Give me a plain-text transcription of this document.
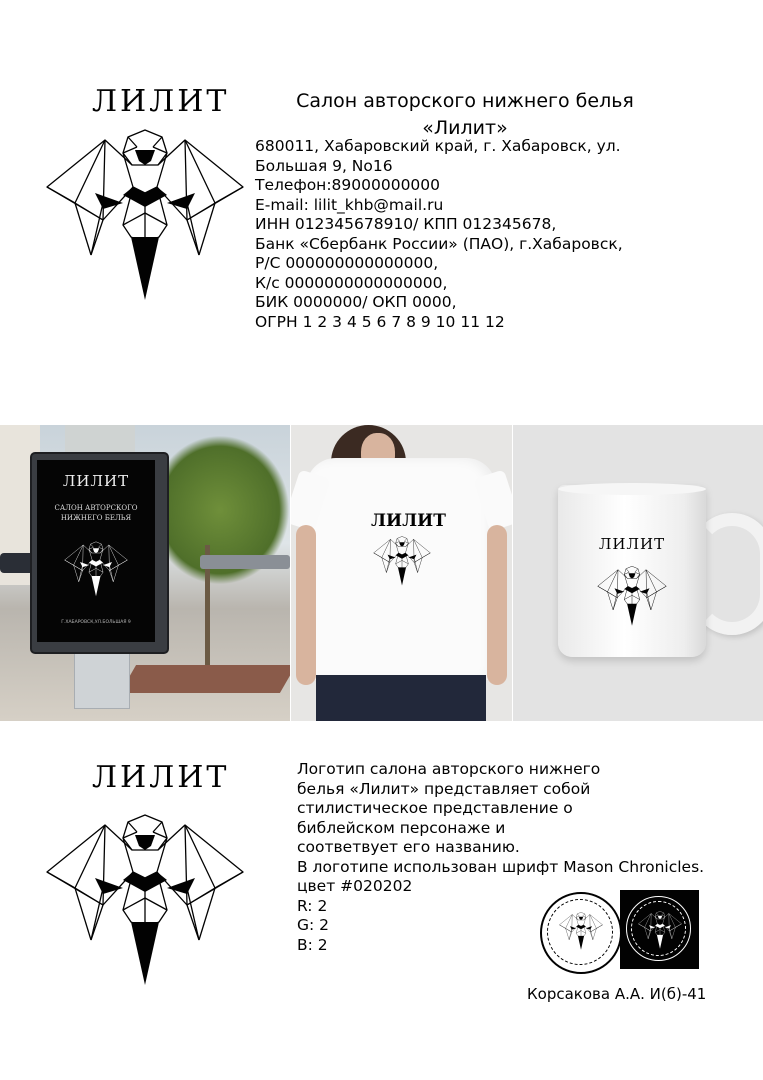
ЛИЛИТ	Салон авторского нижнего белья
«Лилит»
680011, Хабаровский край, г. Хабаровск, ул.
Большая 9, No16
Телефон:89000000000
E-mail: lilit_khb@mail.ru
ИНН 012345678910/ КПП 012345678,
Банк «Сбербанк России» (ПАО), г.Хабаровск,
Р/С 000000000000000,
К/с 0000000000000000,
БИК 0000000/ ОКП 0000,
ОГРН 1 2 3 4 5 6 7 8 9 10 11 12
ЛИЛИТ
САЛОН АВТОРСКОГО
НИЖНЕГО БЕЛЬЯ
Г.ХАБАРОВСК,УЛ.БОЛЬШАЯ 9
ЛИЛИТ
ЛИЛИТ
ЛИЛИТ	Логотип салона авторского нижнего
белья «Лилит» представляет собой
стилистическое представление о
библейском персонаже и
соответвует его названию.
В логотипе использован шрифт Mason Chronicles.
цвет #020202
R: 2
G: 2
B: 2
Корсакова А.А. И(б)-41
